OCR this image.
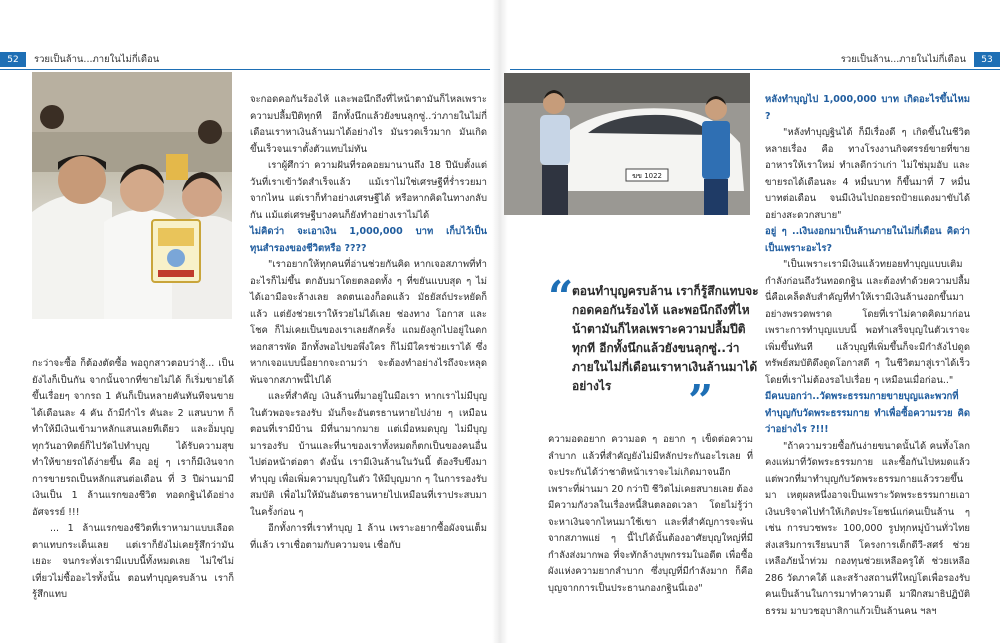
52	รวยเป็นล้าน...ภายในไม่กี่เดือน

กะว่าจะซื้อ ก็ต้องตัดซื้อ พอถูกสาวตอบว่าสู้... เป็นยังไงก็เป็นกัน จากนั้นจากที่ขายไม่ได้ ก็เริ่มขายได้ขึ้นเรื่อยๆ จากรถ 1 คันก็เป็นหลายคันทันทีจนขายได้เดือนละ 4 คัน ถ้ามีกำไร คันละ 2 แสนบาท ก็ทำให้มีเงินเข้ามาหลักแสนเลยทีเดียว และอิ่มบุญทุกวันอาทิตย์ก็ไปวัดไปทำบุญ ได้รับความสุข ทำให้ขายรถได้ง่ายขึ้น คือ อยู่ ๆ เราก็มีเงินจากการขายรถเป็นหลักแสนต่อเดือน ที่ 3 ปีผ่านมามีเงินเป็น 1 ล้านแรกของชีวิต ทอดกฐินได้อย่างอัศจรรย์ !!!

... 1 ล้านแรกของชีวิตที่เราหามาแบบเลือดตาแทบกระเด็นเลย แต่เราก็ยังไม่เคยรู้สึกว่ามันเยอะ จนกระทั่งเรามีแบบนี้ทั้งหมดเลย ไม่ใช่ไม่เที่ยวไม่ซื้ออะไรทั้งนั้น ตอนทำบุญครบล้าน เราก็รู้สึกแทบ

จะกอดคอกันร้องไห้ และพอนึกถึงที่ไหน้าตามันก็ไหลเพราะความปลื้มปีติทุกที อีกทั้งนึกแล้วยังขนลุกซู่..ว่าภายในไม่กี่เดือนเราหาเงินล้านมาได้อย่างไร มันรวดเร็วมาก มันเกิดขึ้นเร็วจนเราตั้งตัวแทบไม่ทัน

เราผู้ศึกว่า ความฝันที่รอคอยมานานถึง 18 ปีนับตั้งแต่วันที่เราเข้าวัดสำเร็จแล้ว แม้เราไม่ใช่เศรษฐีที่ร่ำรวยมาจากไหน แต่เราก็ทำอย่างเศรษฐีได้ หรือหากคิดในทางกลับกัน แม้แต่เศรษฐีบางคนก็ยังทำอย่างเราไม่ได้

ไม่คิดว่า จะเอาเงิน 1,000,000 บาท เก็บไว้เป็นทุนสำรองของชีวิตหรือ ????

"เราอยากให้ทุกคนที่อ่านช่วยกันคิด หากเจอสภาพที่ทำอะไรก็ไม่ขึ้น ตกอับมาโดยตลอดทั้ง ๆ ที่ขยันแบบสุด ๆ ไม่ได้เอามือจะล้างเลย ลดตนเองก็อดแล้ว มัธยัสถ์ประหยัดก็แล้ว แต่ยังช่วยเราให้รวยไม่ได้เลย ช่องทาง โอกาส และโชค ก็ไม่เคยเป็นของเราเลยสักครั้ง แถมยังลูกไปอยู่ในดกหอกสารพัด อีกทั้งพอไปขอพึ่งใคร ก็ไม่มีใครช่วยเราได้ ซึ่งหากเจอแบบนี้อยากจะถามว่า จะต้องทำอย่างไรถึงจะหลุดพ้นจากสภาพนี้ไปได้

และที่สำคัญ เงินล้านที่มาอยู่ในมือเรา หากเราไม่มีบุญในตัวพอจะรองรับ มันก็จะอันตรธานหายไปง่าย ๆ เหมือนตอนที่เรามีบ้าน มีที่นามากมาย แต่เมื่อหมดบุญ ไม่มีบุญมารองรับ บ้านและที่นาของเราทั้งหมดก็ตกเป็นของคนอื่นไปต่อหน้าต่อตา ดังนั้น เรามีเงินล้านในวันนี้ ต้องรีบขึงมาทำบุญ เพื่อเพิ่มความบุญในตัว ให้มีบุญมาก ๆ ในการรองรับสมบัติ เพื่อไม่ให้มันอันตรธานหายไปเหมือนที่เราประสบมาในครั้งก่อน ๆ

อีกทั้งการที่เราทำบุญ 1 ล้าน เพราะอยากซื้อผังจนเต็มที่แล้ว เราเชื่อตามกับความจน เชื่อกับ

รวยเป็นล้าน...ภายในไม่กี่เดือน	53
ฆข 1022
“
ตอนทำบุญครบล้าน เราก็รู้สึกแทบจะกอดคอกันร้องไห้ และพอนึกถึงที่ไหน้าตามันก็ไหลเพราะความปลื้มปีติทุกที อีกทั้งนึกแล้วยังขนลุกซู่..ว่าภายในไม่กี่เดือนเราหาเงินล้านมาได้อย่างไร	”

ความอดอยาก ความอด ๆ อยาก ๆ เข็ดต่อความลำบาก แล้วที่สำคัญยังไม่มีหลักประกันอะไรเลย ที่จะประกันได้ว่าชาติหน้าเราจะไม่เกิดมาจนอีก เพราะที่ผ่านมา 20 กว่าปี ชีวิตไม่เคยสบายเลย ต้องมีความกังวลในเรื่องหนี้สินตลอดเวลา โดยไม่รู้ว่าจะหาเงินจากไหนมาใช้เขา และที่สำคัญการจะพ้นจากสภาพแย่ ๆ นี้ไปได้นั้นต้องอาศัยบุญใหญ่ที่มีกำลังส่งมากพอ ที่จะทักล้างบุพกรรมในอดีต เพื่อซื้อผังแห่งความยากลำบาก ซึ่งบุญที่มีกำลังมาก ก็คือบุญจากการเป็นประธานกองกฐินนี่เอง"

หลังทำบุญไป 1,000,000 บาท เกิดอะไรขึ้นไหม ?

"หลังทำบุญฐินได้ ก็มีเรื่องดี ๆ เกิดขึ้นในชีวิตหลายเรื่อง คือ ทางโรงงานกิจศรรย์ขายที่ขายอาหารให้เราใหม่ ทำเลดีกว่าเก่า ไม่ใช่มุมอับ และขายรถได้เดือนละ 4 หมื่นบาท ก็ขึ้นมาที่ 7 หมื่นบาทต่อเดือน จนมีเงินไปถอยรถป้ายแดงมาขับได้อย่างสะดวกสบาย"

อยู่ ๆ ..เงินงอกมาเป็นล้านภายในไม่กี่เดือน คิดว่าเป็นเพราะอะไร?

"เป็นเพราะเรามีเงินแล้วทยอยทำบุญแบบเติมกำลังก่อนถึงวันทอดกฐิน และต้องทำด้วยความปลื้มนี่คือเคล็ดลับสำคัญที่ทำให้เรามีเงินล้านงอกขึ้นมาอย่างพรวดพราด โดยที่เราไม่คาดคิดมาก่อน เพราะการทำบุญแบบนี้ พอทำเสร็จบุญในตัวเราจะเพิ่มขึ้นทันที แล้วบุญที่เพิ่มขึ้นก็จะมีกำลังไปดูดทรัพย์สมบัติดึงดูดโอกาสดี ๆ ในชีวิตมาสู่เราได้เร็ว โดยที่เราไม่ต้องรอไปเรื่อย ๆ เหมือนเมื่อก่อน.."

มีคนบอกว่า..วัดพระธรรมกายขายบุญและพวกที่ทำบุญกับวัดพระธรรมกาย ทำเพื่อซื้อความรวย คิดว่าอย่างไร ?!!!

"ถ้าความรวยซื้อกันง่ายขนาดนั้นได้ คนทั้งโลกคงแห่มาที่วัดพระธรรมกาย และซื้อกันไปหมดแล้ว แต่พวกที่มาทำบุญกับวัดพระธรรมกายแล้วรวยขึ้นมา เหตุผลหนึ่งอาจเป็นเพราะวัดพระธรรมกายเอาเงินบริจาคไปทำให้เกิดประโยชน์แก่คนเป็นล้าน ๆ เช่น การบวชพระ 100,000 รูปทุกหมู่บ้านทั่วไทย ส่งเสริมการเรียนบาลี โครงการเด็กดีวี-สศร์ ช่วยเหลือภัยน้ำท่วม กองทุนช่วยเหลือครูใต้ ช่วยเหลือ 286 วัดภาคใต้ และสร้างสถานที่ใหญ่โตเพื่อรองรับคนเป็นล้านในการมาทำความดี มาฝึกสมาธิปฏิบัติธรรม มาบวชอุบาสิกาแก้วเป็นล้านคน ฯลฯ
